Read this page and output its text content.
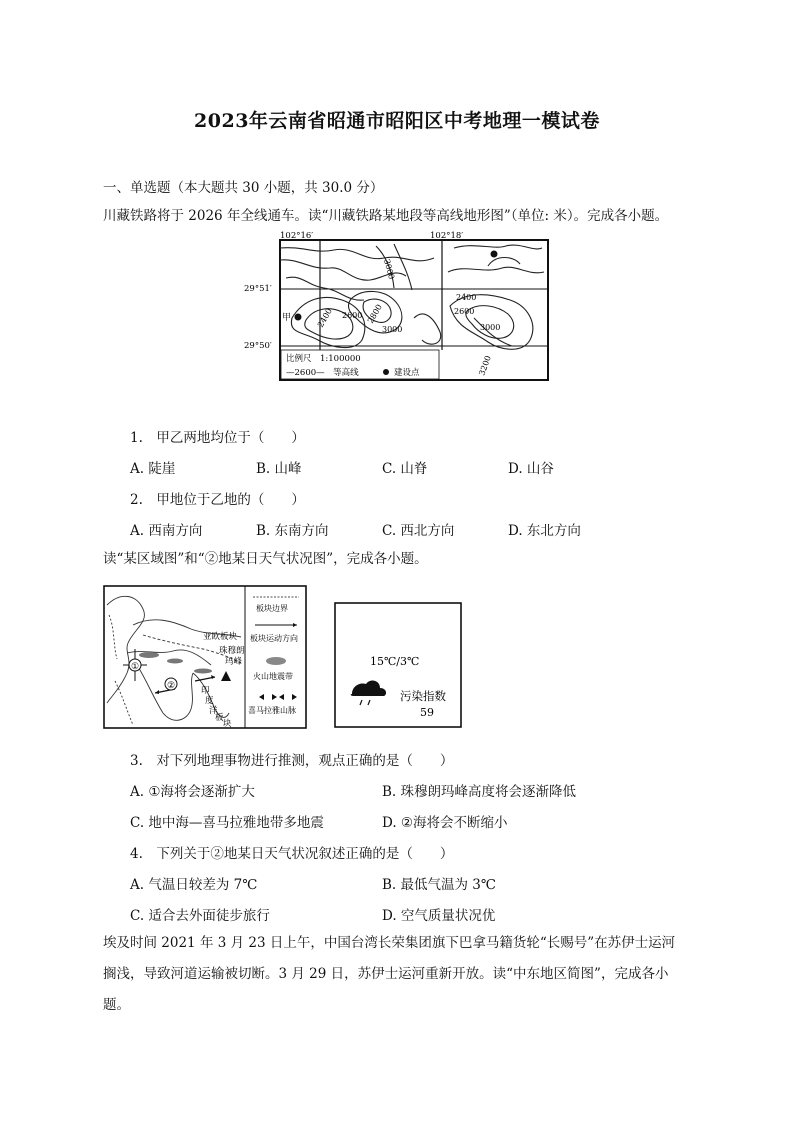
2023年云南省昭通市昭阳区中考地理一模试卷
一、单选题（本大题共 30 小题，共 30.0 分）
川藏铁路将于 2026 年全线通车。读“川藏铁路某地段等高线地形图”（单位: 米）。完成各小题。
102°16′	102°18′
29°51′
29°50′
甲	2400 2600 2800
3000
3000
2400
2600
3000
3200
比例尺　1:100000
—2600—　等高线	建设点
1.　甲乙两地均位于（　　）
A. 陡崖	B. 山峰	C. 山脊	D. 山谷
2.　甲地位于乙地的（　　）
A. 西南方向	B. 东南方向	C. 西北方向	D. 东北方向
读“某区域图”和“②地某日天气状况图”，完成各小题。
①
②
亚欧板块
珠穆朗
玛峰
印
度
洋
板
块
板块边界
板块运动方向
火山地震带
喜马拉雅山脉
15℃/3℃
污染指数
59
3.　对下列地理事物进行推测，观点正确的是（　　）
A. ①海将会逐渐扩大	B. 珠穆朗玛峰高度将会逐渐降低
C. 地中海—喜马拉雅地带多地震	D. ②海将会不断缩小
4.　下列关于②地某日天气状况叙述正确的是（　　）
A. 气温日较差为 7℃	B. 最低气温为 3℃
C. 适合去外面徒步旅行	D. 空气质量状况优
埃及时间 2021 年 3 月 23 日上午，中国台湾长荣集团旗下巴拿马籍货轮“长赐号”在苏伊士运河
搁浅，导致河道运输被切断。3 月 29 日，苏伊士运河重新开放。读“中东地区简图”，完成各小
题。
